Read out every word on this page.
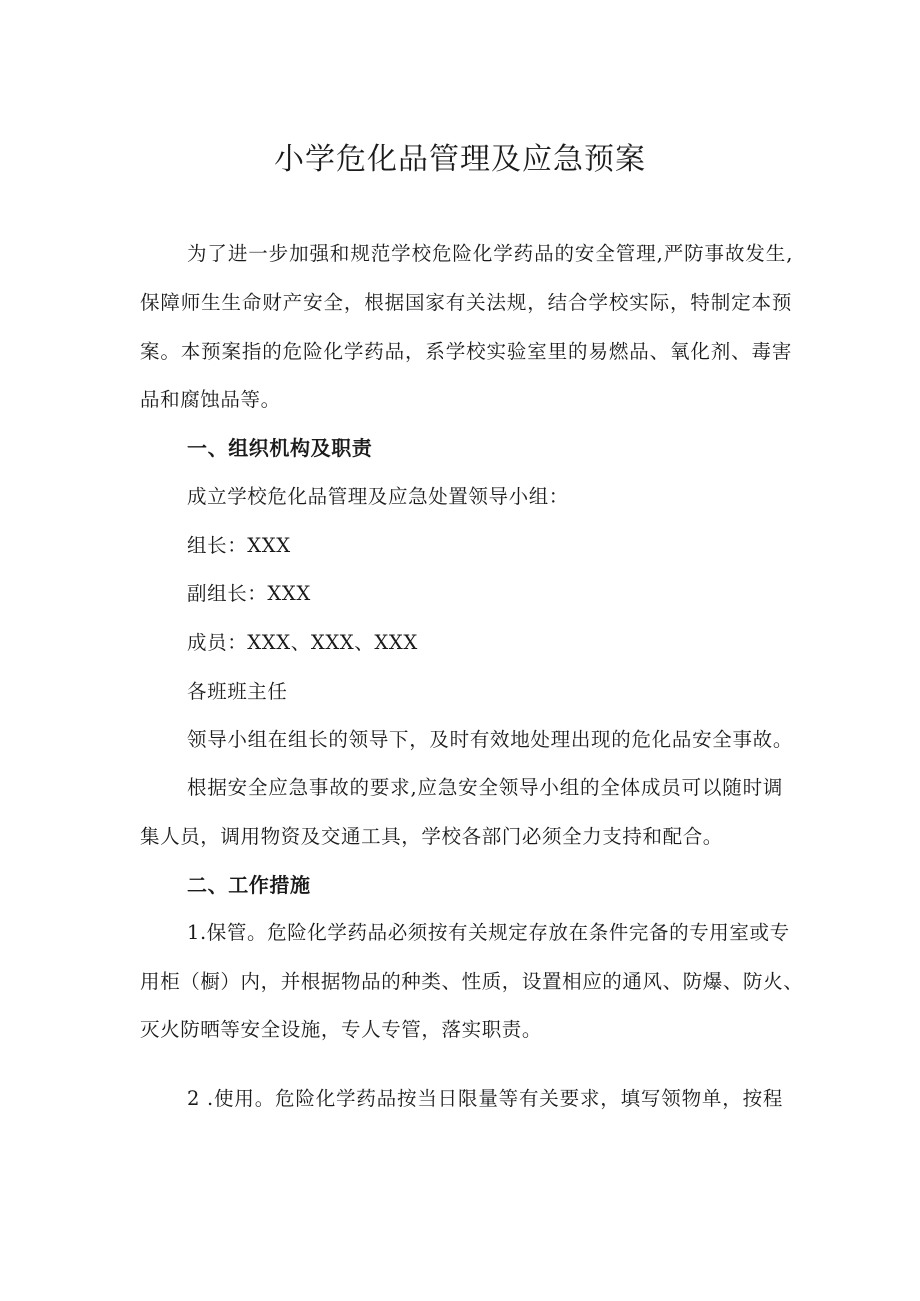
小学危化品管理及应急预案
为了进一步加强和规范学校危险化学药品的安全管理,严防事故发生,
保障师生生命财产安全，根据国家有关法规，结合学校实际，特制定本预
案。本预案指的危险化学药品，系学校实验室里的易燃品、氧化剂、毒害
品和腐蚀品等。
一、组织机构及职责
成立学校危化品管理及应急处置领导小组：
组长：XXX
副组长：XXX
成员：XXX、XXX、XXX
各班班主任
领导小组在组长的领导下，及时有效地处理出现的危化品安全事故。
根据安全应急事故的要求,应急安全领导小组的全体成员可以随时调
集人员，调用物资及交通工具，学校各部门必须全力支持和配合。
二、工作措施
1.保管。危险化学药品必须按有关规定存放在条件完备的专用室或专
用柜（橱）内，并根据物品的种类、性质，设置相应的通风、防爆、防火、
灭火防晒等安全设施，专人专管，落实职责。
2 .使用。危险化学药品按当日限量等有关要求，填写领物单，按程
